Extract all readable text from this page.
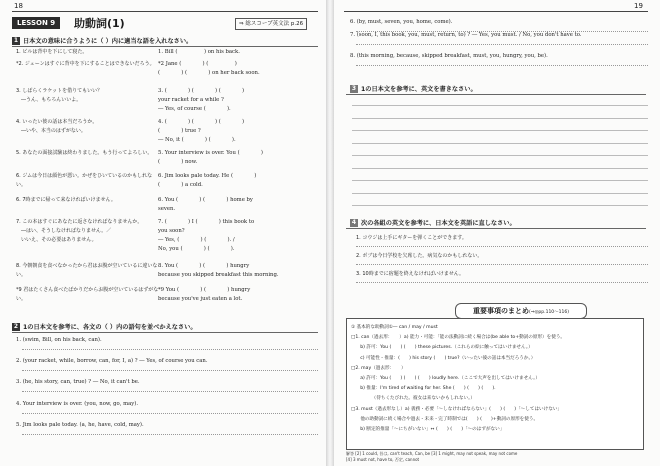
18
LESSON 9	助動詞(1)	⇒ 総スコープ英文法 p.26
1 日本文の意味に合うように（ ）内に適当な語を入れなさい。
1. ビルは背中を下にして寝た。	1. Bill (　　　　　) on his back.
*2. ジェーンはすぐに背中を下にすることはできないだろう。 *2 Jane (　　　　) (　　　　　)
(　　　　) (　　　　) on her back soon.
3. しばらくラケットを借りてもいい？
　―うん、もちろんいいよ。
3. (　　　　) (　　　　) (　　　　)
your racket for a while ?
― Yes, of course (　　　　).
4. いったい彼の話は本当だろうか。
　―いや、本当のはずがない。
4. (　　　　) (　　　　) (　　　　)
(　　　　) true ?
― No, it (　　　　) (　　　　).
5. あなたの面接試験は終わりました。もう行ってよろしい。	5. Your interview is over. You (　　　　)
(　　　　) now.
6. ジムは今日は顔色が悪い。かぜをひいているのかもしれない。
6. Jim looks pale today. He (　　　　)
(　　　　) a cold.
6. 7時までに帰って来なければいけません。	6. You (　　　　) (　　　　) home by
seven.
7. この本はすぐにあなたに返さなければなりませんか。
　―はい、そうしなければなりません。／
　いいえ、その必要はありません。
7. (　　　　) I (　　　　) this book to
you soon?
― Yes, (　　　　) (　　　　). /
No, you (　　　　) (　　　　).
8. 今朝朝食を食べなかったから君はお腹が空いているに違いない。
8. You (　　　　) (　　　　) hungry
because you skipped breakfast this morning.
*9 君はたくさん食べたばかりだからお腹が空いているはずがない。
*9 You (　　　　) (　　　　) hungry
because you've just eaten a lot.
2 1の日本文を参考に、各文の（ ）内の語句を並べかえなさい。
1. (swim, Bill, on his back, can).
2. (your racket, while, borrow, can, for, I, a) ? ― Yes, of course you can.
3. (he, his story, can, true) ? ― No, it can't be.
4. Your interview is over. (you, now, go, may).
5. Jim looks pale today. (a, he, have, cold, may).
19
6. (by, must, seven, you, home, come).
7. (soon, I, this book, you, must, return, to) ? ― Yes, you must. / No, you don't have to.
8. (this morning, because, skipped breakfast, must, you, hungry, you, be).
3 1の日本文を参考に、英文を書きなさい。
4 次の各組の英文を参考に、日本文を英語に直しなさい。
1. コウジは上手にギターを弾くことができます。
2. ボブは今日学校を欠席した。病気なのかもしれない。
3. 10時までに宿題を終えなければいけません。
重要事項のまとめ(⇒◎pp.110〜116)
① 基本的な助動詞①― can / may / must
□1. can（過去形：　　）a) 能力・可能：「能の法動詞に続く場合は(be able to+動詞の原形）を使う。
　　b) 許可：You (　　) (　　) these pictures.（これらの絵に触ってはいけません。）
　　c) 可能性・推量：(　　) his story (　　) true?（いったい彼の話は本当だろうか。）
□2. may（過去形：　　）
　　a) 許可：You (　　) (　　) (　　) loudly here.（ここで大声を出してはいけません。）
　　b) 推量：I'm tired of waiting for her. She (　　) (　　) (　　).
　　　　　（待ちくたびれた。彼女は来ないかもしれない。）
□3. must（過去形なし）a) 義務・必要「〜しなければならない」(　　) (　　)「〜してはいけない」
　　他の助動詞に続く場合や過去・未来・完了時制では(　　) (　　)+動詞の原形を使う。
　　b) 断定的推量「〜にちがいない」↔ (　　) (　　)「〜のはずがない」
解答 [2] 1 could, 昔は, can't teach, Can, be [3] 1 might, may not speak, may not come
[4] 3 must not, have to, 否定, cannot
